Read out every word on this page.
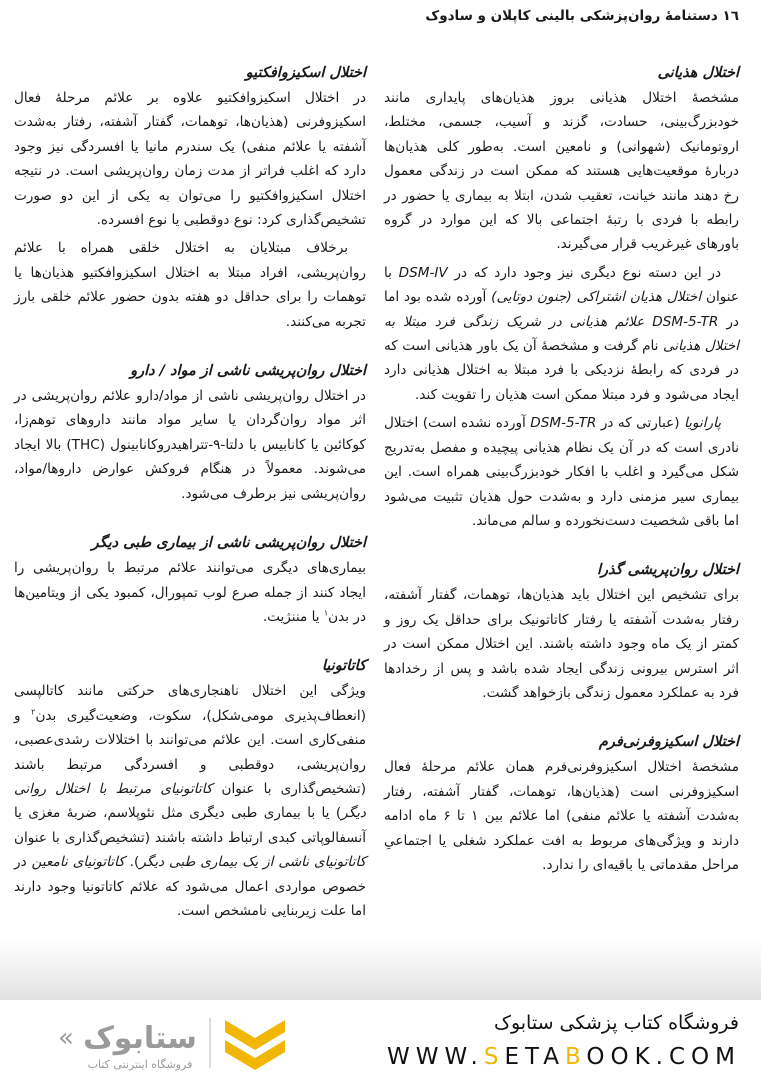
١٦ دستنامهٔ روان‌پزشکی بالینی کاپلان و سادوک
اختلال هذیانی

مشخصهٔ اختلال هذیانی بروز هذیان‌های پایداری مانند خودبزرگ‌بینی، حسادت، گزند و آسیب، جسمی، مختلط، اروتومانیک (شهوانی) و نامعین است. به‌طور کلی هذیان‌ها دربارهٔ موقعیت‌هایی هستند که ممکن است در زندگی معمول رخ دهند مانند خیانت، تعقیب شدن، ابتلا به بیماری یا حضور در رابطه با فردی با رتبهٔ اجتماعی بالا که این موارد در گروه باورهای غیرغریب قرار می‌گیرند.

در این دسته نوع دیگری نیز وجود دارد که در DSM-IV با عنوان اختلال هذیان اشتراکی (جنون دوتایی) آورده شده بود اما در DSM-5-TR علائم هذیانی در شریک زندگی فرد مبتلا به اختلال هذیانی نام گرفت و مشخصهٔ آن یک باور هذیانی است که در فردی که رابطهٔ نزدیکی با فرد مبتلا به اختلال هذیانی دارد ایجاد می‌شود و فرد مبتلا ممکن است هذیان را تقویت کند.

پارانویا (عبارتی که در DSM-5-TR آورده نشده است) اختلال نادری است که در آن یک نظام هذیانی پیچیده و مفصل به‌تدریج شکل می‌گیرد و اغلب با افکار خودبزرگ‌بینی همراه است. این بیماری سیر مزمنی دارد و به‌شدت حول هذیان تثبیت می‌شود اما باقی شخصیت دست‌نخورده و سالم می‌ماند.

اختلال روان‌پریشی گذرا

برای تشخیص این اختلال باید هذیان‌ها، توهمات، گفتار آشفته، رفتار به‌شدت آشفته یا رفتار کاتاتونیک برای حداقل یک روز و کمتر از یک ماه وجود داشته باشند. این اختلال ممکن است در اثر استرس بیرونی زندگی ایجاد شده باشد و پس از رخدادها فرد به عملکرد معمول زندگی بازخواهد گشت.

اختلال اسکیزوفرنی‌فرم

مشخصهٔ اختلال اسکیزوفرنی‌فرم همان علائم مرحلهٔ فعال اسکیزوفرنی است (هذیان‌ها، توهمات، گفتار آشفته، رفتار به‌شدت آشفته یا علائم منفی) اما علائم بین ۱ تا ۶ ماه ادامه دارند و ویژگی‌های مربوط به افت عملکرد شغلی یا اجتماعیِ مراحل مقدماتی یا باقیه‌ای را ندارد.

اختلال اسکیزوافکتیو

در اختلال اسکیزوافکتیو علاوه بر علائم مرحلهٔ فعال اسکیزوفرنی (هذیان‌ها، توهمات، گفتار آشفته، رفتار به‌شدت آشفته یا علائم منفی) یک سندرم مانیا یا افسردگی نیز وجود دارد که اغلب فراتر از مدت زمان روان‌پریشی است. در نتیجه اختلال اسکیزوافکتیو را می‌توان به یکی از این دو صورت تشخیص‌گذاری کرد: نوع دوقطبی یا نوع افسرده.

برخلاف مبتلایان به اختلال خلقی همراه با علائم روان‌پریشی، افراد مبتلا به اختلال اسکیزوافکتیو هذیان‌ها یا توهمات را برای حداقل دو هفته بدون حضور علائم خلقی بارز تجربه می‌کنند.

اختلال روان‌پریشی ناشی از مواد / دارو

در اختلال روان‌پریشی ناشی از مواد/دارو علائم روان‌پریشی در اثر مواد روان‌گردان یا سایر مواد مانند داروهای توهم‌زا، کوکائین یا کانابیس با دلتا-۹-تتراهیدروکانابینول (THC) بالا ایجاد می‌شوند. معمولاً در هنگام فروکش عوارض داروها/مواد، روان‌پریشی نیز برطرف می‌شود.

اختلال روان‌پریشی ناشی از بیماری طبی دیگر

بیماری‌های دیگری می‌توانند علائم مرتبط با روان‌پریشی را ایجاد کنند از جمله صرع لوب تمپورال، کمبود یکی از ویتامین‌ها در بدن$^۱$ یا مننژیت.

کاتاتونیا

ویژگی این اختلال ناهنجاری‌های حرکتی مانند کاتالپسی (انعطاف‌پذیری مومی‌شکل)، سکوت، وضعیت‌گیری بدن$^۲$ و منفی‌کاری است. این علائم می‌توانند با اختلالات رشدی‌عصبی، روان‌پریشی، دوقطبی و افسردگی مرتبط باشند (تشخیص‌گذاری با عنوان کاتاتونیای مرتبط با اختلال روانی دیگر) یا با بیماری طبی دیگری مثل نئوپلاسم، ضربهٔ مغزی یا آنسفالوپاتی کبدی ارتباط داشته باشند (تشخیص‌گذاری با عنوان کاتاتونیای ناشی از یک بیماری طبی دیگر). کاتاتونیای نامعین در خصوص مواردی اعمال می‌شود که علائم کاتاتونیا وجود دارند اما علت زیربنایی نامشخص است.

ستابوک
«
فروشگاه اینترنتی کتاب
فروشگاه کتاب پزشکی ستابوک
WWW.SETABOOK.COM
